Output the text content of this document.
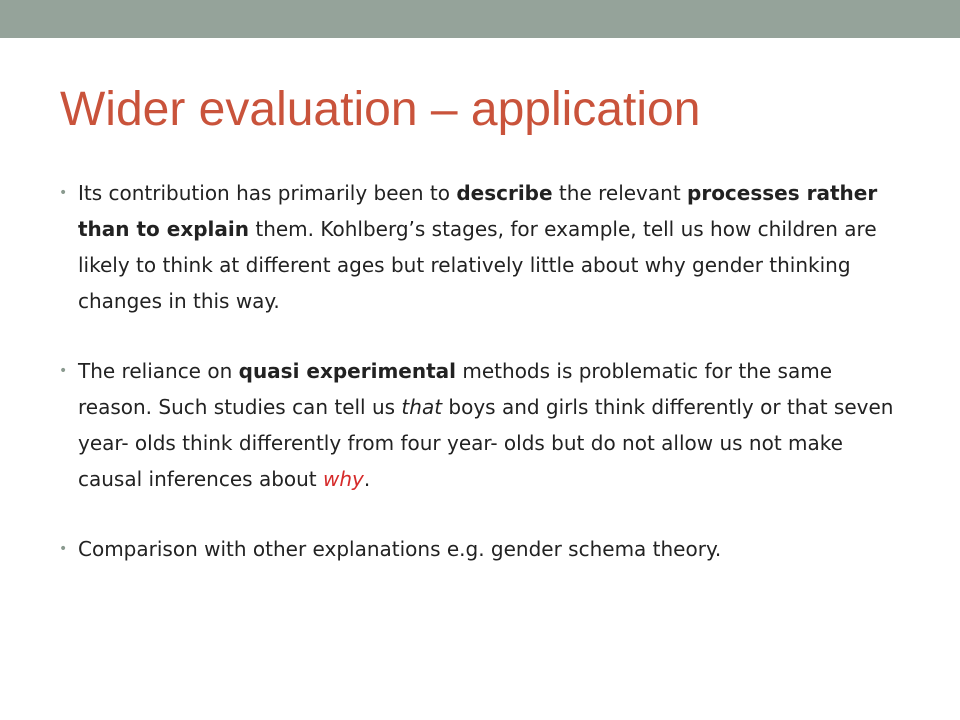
Wider evaluation – application
• Its contribution has primarily been to describe the relevant processes rather than to explain them. Kohlberg’s stages, for example, tell us how children are likely to think at different ages but relatively little about why gender thinking changes in this way.
• The reliance on quasi experimental methods is problematic for the same reason. Such studies can tell us that boys and girls think differently or that seven year- olds think differently from four year- olds but do not allow us not make causal inferences about why.
• Comparison with other explanations e.g. gender schema theory.
